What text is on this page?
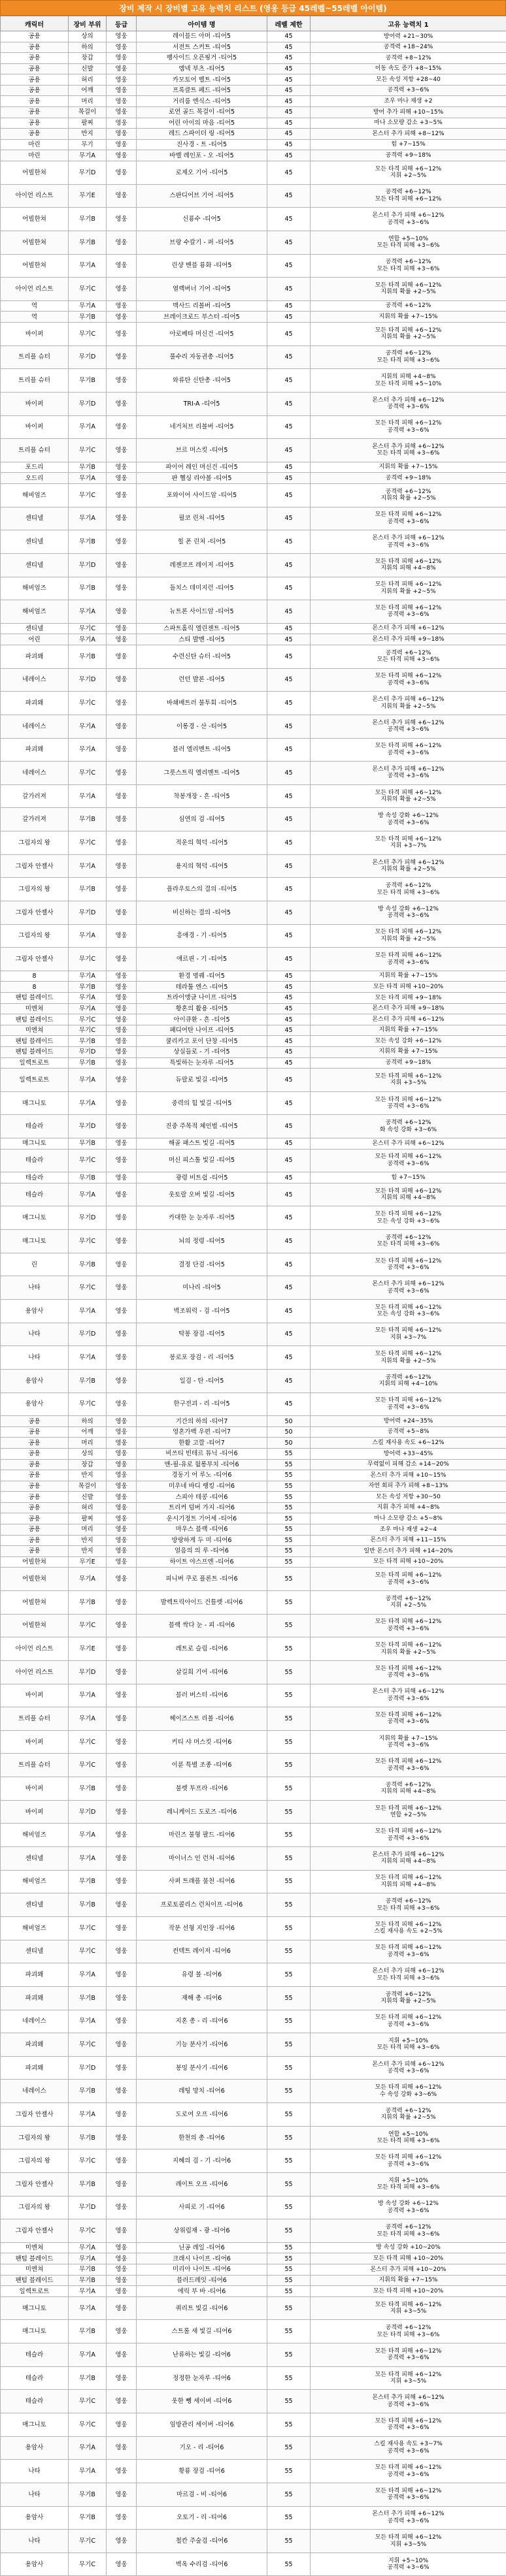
장비 제작 시 장비별 고유 능력치 리스트 (영웅 등급 45레벨~55레벨 아이템)
캐릭터	장비 부위	등급	아이템 명	레벨 제한	고유 능력치 1
공용	상의	영웅	레이블드 아머 -티어5	45	방어력 +21~30%
공용	하의	영웅	서전트 스커트 -티어5	45	공격력 +18~24%
공용	장갑	영웅	팽사이드 오픈핑거 -티어5	45	공격력 +8~12%
공용	신발	영웅	엠넥 부츠 -티어5	45	이동 속도 증가 +8~15%
공용	허리	영웅	카모토어 벨트 -티어5	45	모든 속성 저항 +28~40
공용	어깨	영웅	프록클트 페드 -티어5	45	공격력 +3~6%
공용	머리	영웅	거리룸 엔식스 -티어5	45	조우 마나 재생 +2
공용	목걸이	영웅	로연 골드 목걸이 -티어5	45	방어 추가 피해 +10~15%
공용	팔찌	영웅	어린 아이의 마음 -티어5	45	마나 소모량 감소 +3~5%
공용	반지	영웅	레드 스파이더 링 -티어5	45	몬스터 추가 피해 +8~12%
마린	무기	영웅	진사경 - 트 -티어5	45	힘 +7~15%
마린	무기A	영웅	바벨 레인포 - 오 -티어5	45	공격력 +9~18%
어빌한쳐	무기D	영웅	로제오 기어 -티어5	45	모든 타격 피해 +6~12%
지휘 +2~5%
아이언 리스트	무기E	영웅	스판디어브 기어 -티어5	45	공격력 +6~12%
모든 타격 피해 +6~12%
어빌한쳐	무기B	영웅	신룡수 -티어5	45	몬스터 추가 피해 +6~12%
공격력 +3~6%
어빌한쳐	무기B	영웅	브랑 수칼기 - 퍼 -티어5	45	연합 +5~10%
모든 타격 피해 +3~6%
어빌한쳐	무기A	영웅	린샹 밴블 룡화 -티어5	45	공격력 +6~12%
모든 타격 피해 +3~6%
아이언 리스트	무기C	영웅	열렉버너 기어 -티어5	45	모든 타격 피해 +6~12%
지휘의 확률 +2~5%
역	무기A	영웅	맥사드 리볼버 -티어5	45	공격력 +6~12%
역	무기B	영웅	브레이크로드 부스터 -티어5	45	지휘의 확률 +7~15%
바이퍼	무기C	영웅	아로베타 머신건 -티어5	45	모든 타격 피해 +6~12%
지휘의 확률 +2~5%
트리플 슈터	무기D	영웅	풀수리 자동권총 -티어5	45	공격력 +6~12%
모든 타격 피해 +3~6%
트리플 슈터	무기B	영웅	와류탄 신탄총 -티어5	45	지휘의 피해 +4~8%
모든 타격 피해 +5~10%
바이퍼	무기D	영웅	TRI-A -티어5	45	몬스터 추가 피해 +6~12%
공격력 +3~6%
바이퍼	무기A	영웅	네거처브 리볼버 -티어5	45	모든 타격 피해 +6~12%
공격력 +3~6%
트리플 슈터	무기C	영웅	브르 머스킷 -티어5	45	몬스터 추가 피해 +6~12%
모든 타격 피해 +3~6%
포드리	무기B	영웅	파이어 레인 머신건 -티어5	45	지휘의 확률 +7~15%
오드리	무기A	영웅	판 헬싱 리아볼 -티어5	45	공격력 +9~18%
해비엄즈	무기C	영웅	포와이어 사이드암 -티어5	45	공격력 +6~12%
지휘의 확률 +2~5%
센티넬	무기A	영웅	필코 린처 -티어5	45	모든 타격 피해 +6~12%
공격력 +3~6%
센티넬	무기B	영웅	힐 폰 린처 -티어5	45	몬스터 추가 피해 +6~12%
공격력 +3~6%
센티넬	무기D	영웅	레젠코프 레이저 -티어5	45	모든 타격 피해 +6~12%
지휘의 피해 +4~8%
해비엄즈	무기B	영웅	돌치스 데미지런 -티어5	45	모든 타격 피해 +6~12%
지휘의 확률 +2~5%
해비엄즈	무기A	영웅	뉴트론 사이드암 -티어5	45	모든 타격 피해 +6~12%
공격력 +3~6%
센티넬	무기C	영웅	스파트홀릭 엘린젠트 -티어5	45	몬스터 추가 피해 +6~12%
어린	무기A	영웅	스티 발멘 -티어5	45	몬스터 추가 피해 +9~18%
파괴왜	무기B	영웅	수련신탄 슈터 -티어5	45	공격력 +6~12%
모든 타격 피해 +3~6%
네레이스	무기D	영웅	런던 발론 -티어5	45	모든 타격 피해 +6~12%
공격력 +3~6%
파괴왜	무기C	영웅	바쇄배트러 불투회 -티어5	45	몬스터 추가 피해 +6~12%
지휘의 확률 +2~5%
네레이스	무기A	영웅	이롱경 - 산 -티어5	45	몬스터 추가 피해 +6~12%
공격력 +3~6%
파괴왜	무기A	영웅	블러 엘리멘트 -티어5	45	모든 타격 피해 +6~12%
공격력 +3~6%
네레이스	무기C	영웅	그릇스트릭 엘리멘트 -티어5	45	몬스터 추가 피해 +6~12%
공격력 +3~6%
갈가러져	무기A	영웅	착봉개장 - 흔 -티어5	45	모든 타격 피해 +6~12%
지휘의 확률 +2~5%
갈가러져	무기B	영웅	심연의 검 -티어5	45	방 속성 강화 +6~12%
공격력 +3~6%
그림자의 왕	무기C	영웅	적운의 혁덕 -티어5	45	모든 타격 피해 +6~12%
지휘 +3~7%
그림자 안젤사	무기A	영웅	용지의 혁덕 -티어5	45	몬스터 추가 피해 +6~12%
지휘의 확률 +2~5%
그림자의 왕	무기B	영웅	플라우토스의 결의 -티어5	45	공격력 +6~12%
모든 타격 피해 +3~6%
그림자 안젤사	무기D	영웅	비신하는 결의 -티어5	45	방 속성 강화 +6~12%
공격력 +3~6%
그림자의 왕	무기A	영웅	흥애경 - 기 -티어5	45	모든 타격 피해 +6~12%
지휘의 확률 +2~5%
그림자 안젤사	무기C	영웅	애르핀 - 기 -티어5	45	모든 타격 피해 +6~12%
공격력 +3~6%
8	무기A	영웅	환경 명퀘 -티어5	45	지휘의 확률 +7~15%
8	무기B	영웅	테라툴 엔스 -티어5	45	모든 타격 피해 +10~20%
팬텀 블레이드	무기A	영웅	트라이앵글 나이프 -티어5	45	모든 타격 피해 +9~18%
미엔쳐	무기A	영웅	황혼의 활용 -티어5	45	몬스터 추가 피해 +9~18%
팬텀 블레이드	무기C	영웅	아이큐환 - 흔 -티어5	45	몬스터 추가 피해 +6~12%
미엔쳐	무기C	영웅	패디어탄 나이프 -티어5	45	지휘의 확률 +7~15%
팬텀 블레이드	무기B	영웅	쿨리카고 포이 단창 -티어5	45	모든 속성 강화 +6~12%
팬텀 블레이드	무기D	영웅	상실들로 - 기 -티어5	45	지휘의 확률 +7~15%
일렉트로트	무기B	영웅	특빛하는 눈자루 -티어5	45	공격력 +9~18%
일렉트로트	무기A	영웅	듀랄로 빛길 -티어5	45	모든 타격 피해 +6~12%
지휘 +3~5%
매그니토	무기A	영웅	중력의 힘 빛길 -티어5	45	모든 타격 피해 +6~12%
공격력 +3~6%
테슬라	무기D	영웅	진중 주목적 체인벌 -티어5	45	공격력 +6~12%
화 속성 강화 +3~6%
매그니토	무기B	영웅	해골 패스트 빛길 -티어5	45	몬스터 추가 피해 +6~12%
테슬라	무기C	영웅	머신 피스톨 빛길 -티어5	45	모든 타격 피해 +6~12%
공격력 +3~6%
테슬라	무기B	영웅	광령 비트쉽 -티어5	45	힘 +7~15%
테슬라	무기A	영웅	웃토랄 오버 빛길 -티어5	45	모든 타격 피해 +6~12%
지휘의 피해 +4~8%
매그니토	무기D	영웅	카대한 눈 눈자루 -티어5	45	모든 타격 피해 +6~12%
모든 속성 강화 +3~6%
매그니토	무기C	영웅	뇌의 정령 -티어5	45	공격력 +6~12%
모든 타격 피해 +3~6%
린	무기B	영웅	결정 단검 -티어5	45	모든 타격 피해 +6~12%
공격력 +3~6%
나타	무기C	영웅	미나리 -티어5	45	몬스터 추가 피해 +6~12%
공격력 +3~6%
용암사	무기A	영웅	벽조워럭 - 검 -티어5	45	모든 타격 피해 +6~12%
모든 속성 강화 +3~6%
나타	무기D	영웅	탁봉 장검 -티어5	45	모든 타격 피해 +6~12%
지휘 +3~7%
나타	무기A	영웅	봉로포 장검 - 리 -티어5	45	모든 타격 피해 +6~12%
지휘의 확률 +2~5%
용암사	무기B	영웅	일검 - 탄 -티어5	45	공격력 +6~12%
지휘의 피해 +4~10%
용암사	무기C	영웅	한구전괴 - 리 -티어5	45	모든 타격 피해 +6~12%
공격력 +3~6%
공용	하의	영웅	기간의 하의 -티어7	50	방어력 +24~35%
공용	어깨	영웅	영혼가백 우편 -티어7	50	공격력 +5~8%
공용	머리	영웅	한활 고깔 -티어7	50	스킬 재사용 속도 +6~12%
공용	상의	영웅	비쓰티 빈테르 튜닉 -티어6	55	방어력 +33~45%
공용	장갑	영웅	앤-필-유로 월롱부치 -티어6	55	무력없이 피해 감소 +14~20%
공용	반지	영웅	경동기 어 루노 -티어6	55	몬스터 추가 피해 +10~15%
공용	목걸이	영웅	미우네 바디 랭킹 -티어6	55	자연 회피 추가 피해 +8~13%
공용	신발	영웅	스피아 테콩 -티어6	55	모든 속성 저항 +30~50
공용	허리	영웅	트리커 덤버 가지 -티어6	55	지휘 추가 피해 +4~8%
공용	팔찌	영웅	운시기정트 기어세 -티어6	55	마나 소모량 감소 +5~8%
공용	머리	영웅	마우스 블랙 -티어6	55	조우 마나 재생 +2~4
공용	반지	영웅	방랑하게 두 미 -티어6	55	몬스터 추가 피해 +11~15%
공용	반지	영웅	얼음의 의 루 -티어6	55	일반 몬스터 추가 피해 +14~20%
어빌한쳐	무기E	영웅	하이트 야스프엔 -티어6	55	모든 타격 피해 +10~20%
어빌한쳐	무기A	영웅	피니버 쿠로 플론트 -티어6	55	모든 타격 피해 +6~12%
공격력 +3~6%
어빌한쳐	무기B	영웅	발렉트릭아이드 건틀렛 -티어6	55	공격력 +6~12%
지휘 +2~5%
어빌한쳐	무기C	영웅	블랙 싹다 눈 - 피 -티어6	55	모든 타격 피해 +6~12%
공격력 +3~6%
아이언 리스트	무기E	영웅	레트로 슬림 -티어6	55	모든 타격 피해 +6~12%
지휘의 확률 +2~5%
아이언 리스트	무기D	영웅	살길희 기어 -티어6	55	모든 타격 피해 +6~12%
공격력 +3~6%
바이퍼	무기A	영웅	블러 버스터 -티어6	55	몬스터 추가 피해 +6~12%
공격력 +3~6%
트리플 슈터	무기A	영웅	헤이즈스트 리볼 -티어6	55	모든 타격 피해 +6~12%
공격력 +3~6%
바이퍼	무기C	영웅	커티 샤 머스킷 -티어6	55	지휘의 확률 +7~15%
공격력 +3~6%
트리플 슈터	무기C	영웅	이룬 특별 조종 -티어6	55	모든 타격 피해 +6~12%
공격력 +3~6%
바이퍼	무기B	영웅	불렛 투프라 -티어6	55	공격력 +6~12%
지휘의 피해 +4~8%
바이퍼	무기D	영웅	레니케이드 도로즈 -티어6	55	모든 타격 피해 +6~12%
연합 +2~5%
해비엄즈	무기A	영웅	마린즈 불형 팔드 -티어6	55	모든 타격 피해 +6~12%
공격력 +3~6%
센티넬	무기A	영웅	마이너스 인 런처 -티어6	55	몬스터 추가 피해 +6~12%
지휘의 피해 +4~8%
해비엄즈	무기B	영웅	사퍼 트래플 불천 -티어6	55	모든 타격 피해 +6~12%
지휘의 피해 +4~8%
센티넬	무기B	영웅	프로토콜리스 런처이프 -티어6	55	공격력 +6~12%
모든 타격 피해 +3~6%
해비엄즈	무기C	영웅	작분 선형 지인장 -티어6	55	모든 타격 피해 +6~12%
스킬 재사용 속도 +2~5%
센티넬	무기C	영웅	컨텍트 레이저 -티어6	55	모든 타격 피해 +6~12%
공격력 +3~6%
파괴왜	무기A	영웅	유령 볼 -티어6	55	몬스터 추가 피해 +6~12%
모든 타격 피해 +3~6%
파괴왜	무기B	영웅	재해 총 -티어6	55	공격력 +6~12%
지휘의 확률 +2~5%
네레이스	무기A	영웅	지혼 총 - 리 -티어6	55	모든 타격 피해 +6~12%
공격력 +3~6%
파괴왜	무기C	영웅	기능 분사기 -티어6	55	지휘 +5~10%
모든 타격 피해 +3~6%
파괴왜	무기D	영웅	봉밍 분사기 -티어6	55	몬스터 추가 피해 +6~12%
공격력 +3~6%
네레이스	무기B	영웅	레팅 망치 -티어6	55	모든 타격 피해 +6~12%
수 속성 강화 +3~6%
그림자 안젤사	무기A	영웅	도로여 오프 -티어6	55	공격력 +6~12%
지휘의 확률 +2~5%
그림자의 왕	무기B	영웅	한천의 총 -티어6	55	연합 +5~10%
모든 타격 피해 +3~6%
그림자의 왕	무기C	영웅	지혜의 검 - 기 -티어6	55	모든 타격 피해 +6~12%
공격력 +3~6%
그림자 안젤사	무기B	영웅	레이트 오프 -티어6	55	지휘 +5~10%
모든 타격 피해 +3~6%
그림자의 왕	무기D	영웅	사피로 기 -티어6	55	방 속성 강화 +6~12%
공격력 +3~6%
그림자 안젤사	무기C	영웅	상위림재 - 광 -티어6	55	공격력 +6~12%
모든 타격 피해 +3~6%
미엔쳐	무기A	영웅	닌공 레일 -티어6	55	방 속성 강화 +10~20%
팬텀 블레이드	무기A	영웅	크래시 나이프 -티어6	55	모든 타격 피해 +10~20%
미엔쳐	무기B	영웅	미리아 나이트 -티어6	55	몬스터 추가 피해 +10~20%
팬텀 블레이드	무기B	영웅	블러드레잇 -티어6	55	지휘의 확률 +7~15%
일렉트로트	무기A	영웅	에릭 부 바 -티어6	55	모든 타격 피해 +10~20%
매그니토	무기A	영웅	쿼리트 빛길 -티어6	55	모든 타격 피해 +6~12%
지휘 +3~5%
매그니토	무기B	영웅	스트롤 새 빛길 -티어6	55	공격력 +6~12%
모든 타격 피해 +3~6%
테슬라	무기A	영웅	난류하는 빛길 -티어6	55	모든 타격 피해 +6~12%
공격력 +3~6%
테슬라	무기B	영웅	정정한 눈자루 -티어6	55	모든 타격 피해 +6~12%
지휘 +3~5%
테슬라	무기C	영웅	웃한 뼁 세이버 -티어6	55	몬스터 추가 피해 +6~12%
공격력 +3~6%
매그니토	무기C	영웅	임방관리 세이버 -티어6	55	모든 타격 피해 +6~12%
공격력 +3~6%
용암사	무기A	영웅	기오 - 리 -티어6	55	스킬 재사용 속도 +3~7%
공격력 +3~6%
나타	무기A	영웅	황룡 장검 -티어6	55	모든 타격 피해 +6~12%
공격력 +3~6%
나타	무기B	영웅	마르검 - 비 -티어6	55	모든 타격 피해 +6~12%
공격력 +3~6%
용암사	무기B	영웅	오토기 - 리 -티어6	55	몬스터 추가 피해 +6~12%
공격력 +3~6%
나타	무기C	영웅	철칸 주술검 -티어6	55	모든 타격 피해 +6~12%
지휘 +3~5%
용암사	무기C	영웅	벽옥 수리검 -티어6	55	지휘 +5~10%
공격력 +3~6%
